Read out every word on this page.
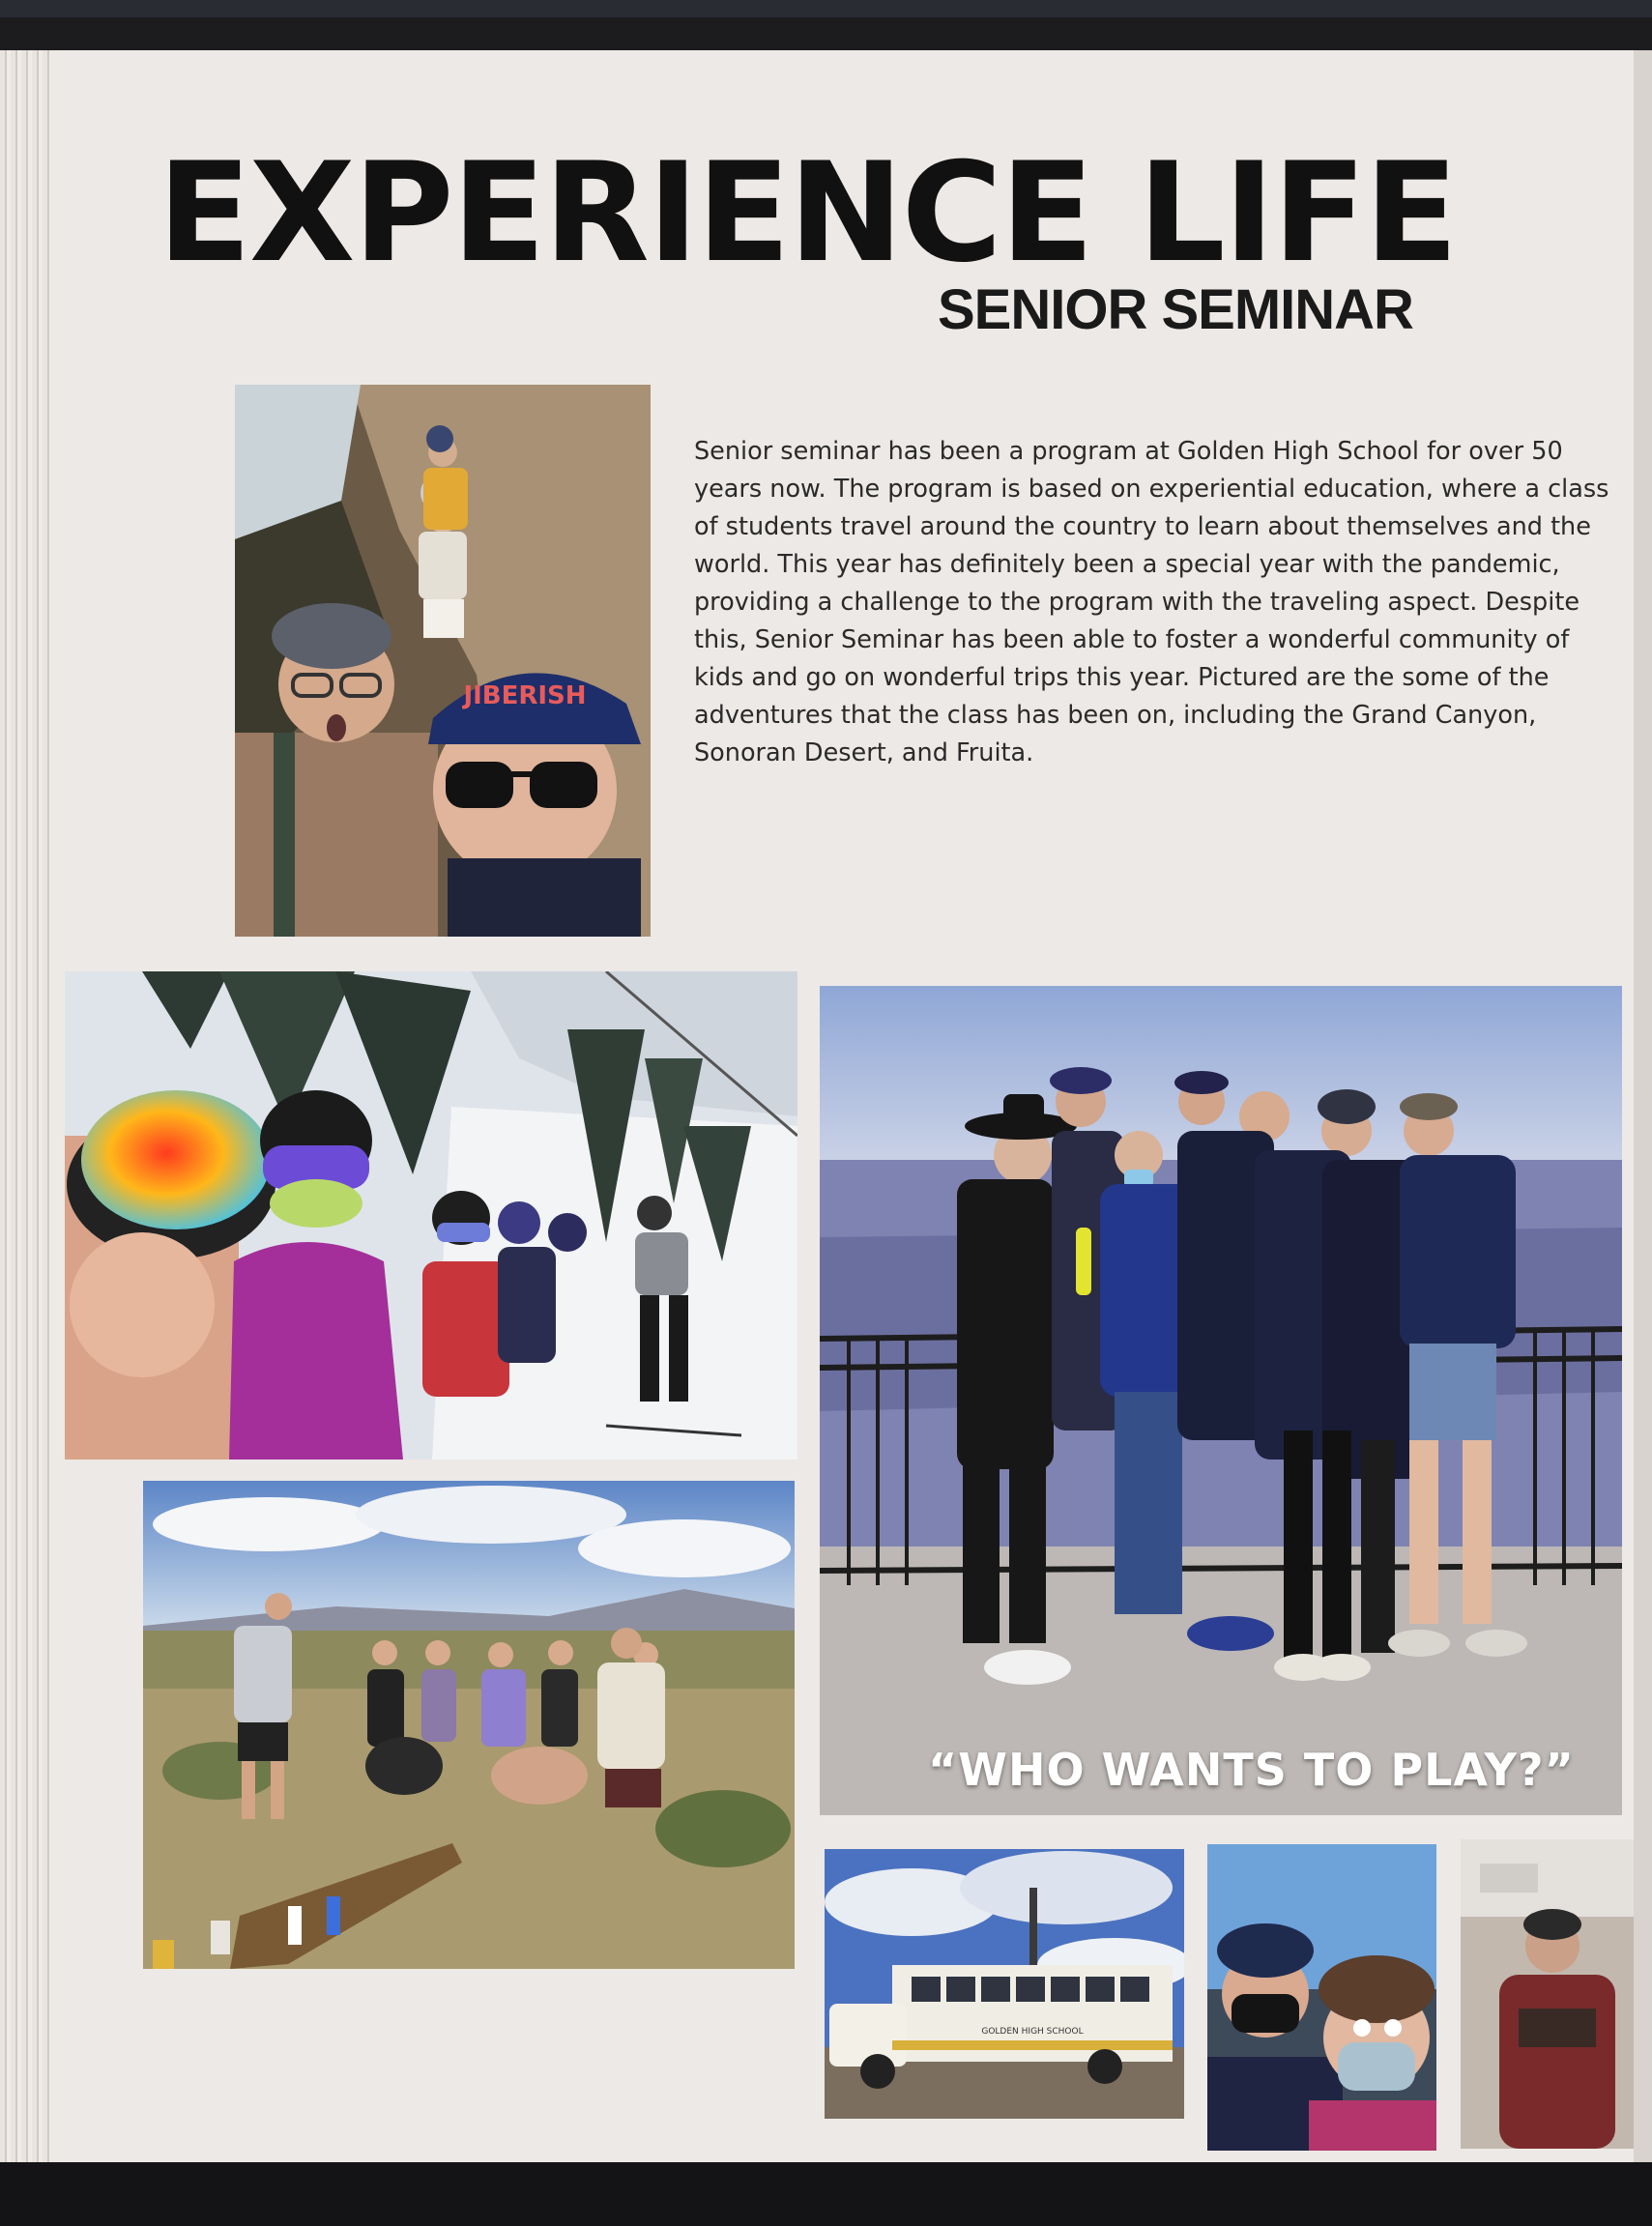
EXPERIENCE LIFE
SENIOR SEMINAR
JIBERISH

Senior seminar has been a program at Golden High School for over 50 years now. The program is based on experiential education, where a class of students travel around the country to learn about themselves and the world. This year has definitely been a special year with the pandemic, providing a challenge to the program with the traveling aspect. Despite this, Senior Seminar has been able to foster a wonderful community of kids and go on wonderful trips this year. Pictured are the some of the adventures that the class has been on, including the Grand Canyon, Sonoran Desert, and Fruita.

“WHO WANTS TO PLAY?”
GOLDEN HIGH SCHOOL
